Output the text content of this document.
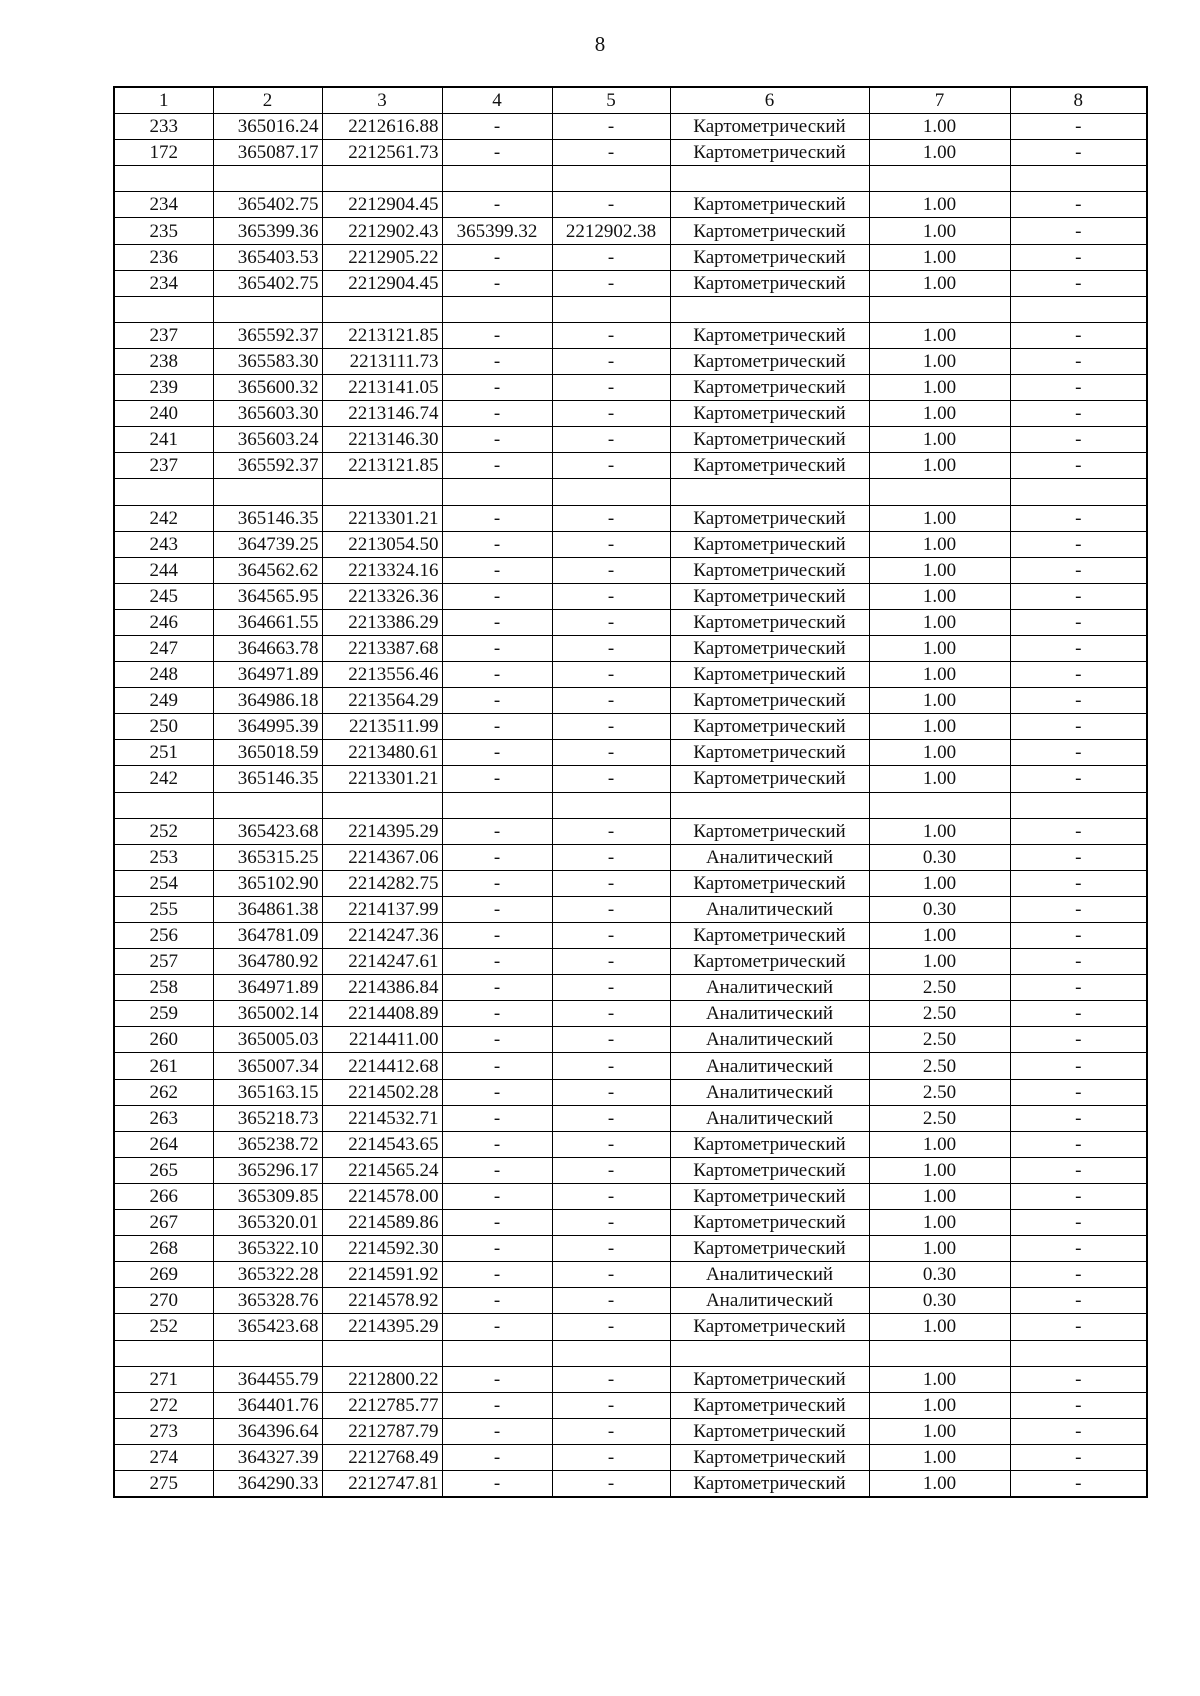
8
1	2	3	4	5	6	7	8
233	365016.24	2212616.88	-	-	Картометрический	1.00	-
172	365087.17	2212561.73	-	-	Картометрический	1.00	-

234	365402.75	2212904.45	-	-	Картометрический	1.00	-
235	365399.36	2212902.43	365399.32	2212902.38	Картометрический	1.00	-
236	365403.53	2212905.22	-	-	Картометрический	1.00	-
234	365402.75	2212904.45	-	-	Картометрический	1.00	-

237	365592.37	2213121.85	-	-	Картометрический	1.00	-
238	365583.30	2213111.73	-	-	Картометрический	1.00	-
239	365600.32	2213141.05	-	-	Картометрический	1.00	-
240	365603.30	2213146.74	-	-	Картометрический	1.00	-
241	365603.24	2213146.30	-	-	Картометрический	1.00	-
237	365592.37	2213121.85	-	-	Картометрический	1.00	-

242	365146.35	2213301.21	-	-	Картометрический	1.00	-
243	364739.25	2213054.50	-	-	Картометрический	1.00	-
244	364562.62	2213324.16	-	-	Картометрический	1.00	-
245	364565.95	2213326.36	-	-	Картометрический	1.00	-
246	364661.55	2213386.29	-	-	Картометрический	1.00	-
247	364663.78	2213387.68	-	-	Картометрический	1.00	-
248	364971.89	2213556.46	-	-	Картометрический	1.00	-
249	364986.18	2213564.29	-	-	Картометрический	1.00	-
250	364995.39	2213511.99	-	-	Картометрический	1.00	-
251	365018.59	2213480.61	-	-	Картометрический	1.00	-
242	365146.35	2213301.21	-	-	Картометрический	1.00	-

252	365423.68	2214395.29	-	-	Картометрический	1.00	-
253	365315.25	2214367.06	-	-	Аналитический	0.30	-
254	365102.90	2214282.75	-	-	Картометрический	1.00	-
255	364861.38	2214137.99	-	-	Аналитический	0.30	-
256	364781.09	2214247.36	-	-	Картометрический	1.00	-
257	364780.92	2214247.61	-	-	Картометрический	1.00	-
258	364971.89	2214386.84	-	-	Аналитический	2.50	-
259	365002.14	2214408.89	-	-	Аналитический	2.50	-
260	365005.03	2214411.00	-	-	Аналитический	2.50	-
261	365007.34	2214412.68	-	-	Аналитический	2.50	-
262	365163.15	2214502.28	-	-	Аналитический	2.50	-
263	365218.73	2214532.71	-	-	Аналитический	2.50	-
264	365238.72	2214543.65	-	-	Картометрический	1.00	-
265	365296.17	2214565.24	-	-	Картометрический	1.00	-
266	365309.85	2214578.00	-	-	Картометрический	1.00	-
267	365320.01	2214589.86	-	-	Картометрический	1.00	-
268	365322.10	2214592.30	-	-	Картометрический	1.00	-
269	365322.28	2214591.92	-	-	Аналитический	0.30	-
270	365328.76	2214578.92	-	-	Аналитический	0.30	-
252	365423.68	2214395.29	-	-	Картометрический	1.00	-

271	364455.79	2212800.22	-	-	Картометрический	1.00	-
272	364401.76	2212785.77	-	-	Картометрический	1.00	-
273	364396.64	2212787.79	-	-	Картометрический	1.00	-
274	364327.39	2212768.49	-	-	Картометрический	1.00	-
275	364290.33	2212747.81	-	-	Картометрический	1.00	-
